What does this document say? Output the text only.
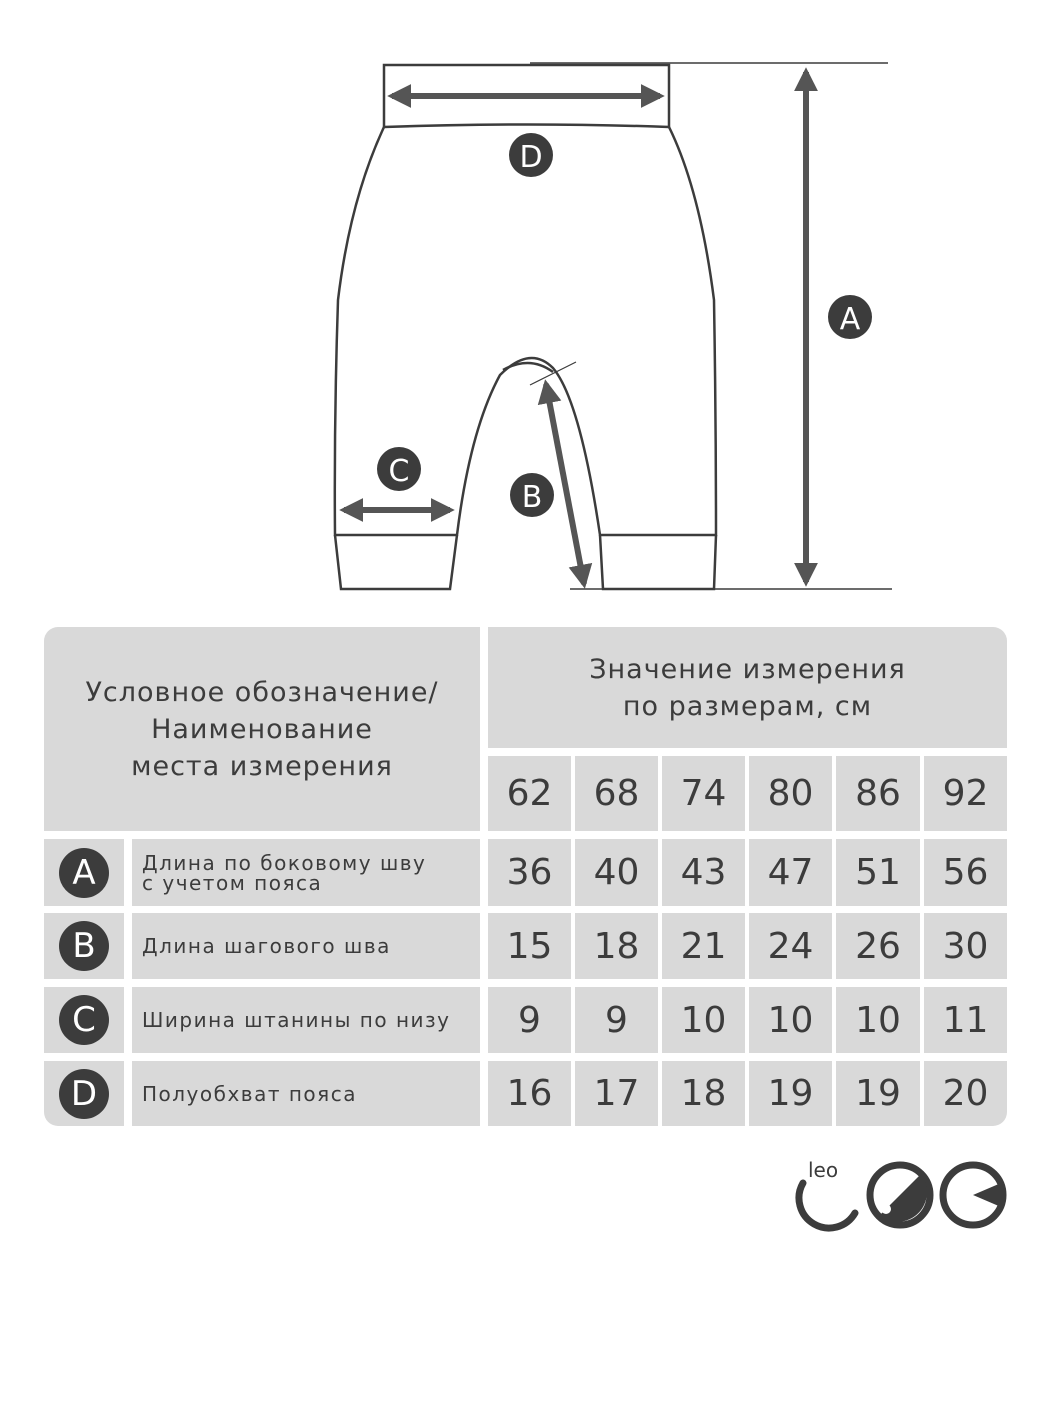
D
A
C
B
Условное обозначение/
Наименование
места измерения
Значение измерения
по размерам, см
62	68	74	80	86	92
A	Длина по боковому шву
с учетом пояса	36	40	43	47	51	56
B	Длина шагового шва	15	18	21	24	26	30
C	Ширина штанины по низу	9	9	10	10	10	11
D	Полуобхват пояса	16	17	18	19	19	20
leo
